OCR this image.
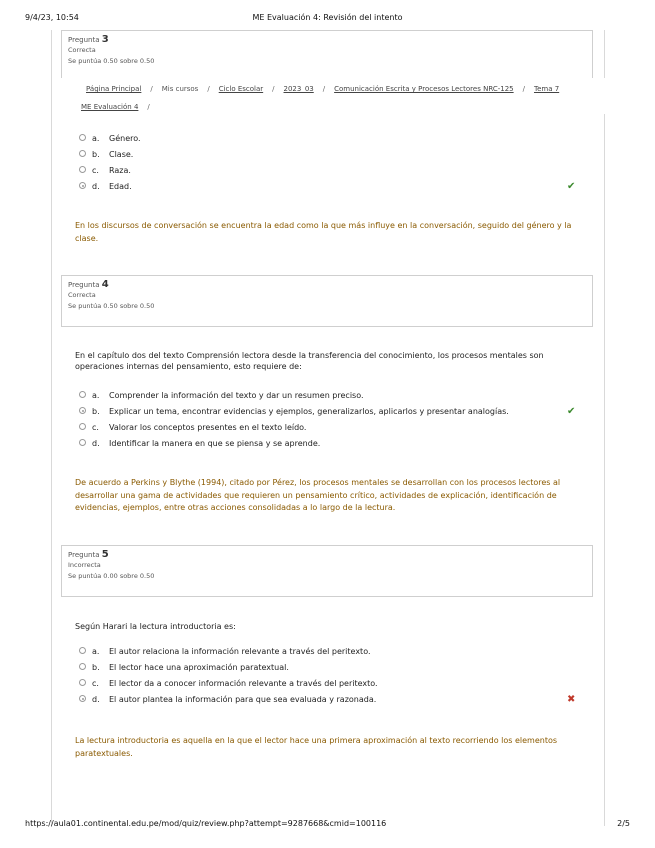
9/4/23, 10:54	ME Evaluación 4: Revisión del intento
Pregunta 3
Correcta
Se puntúa 0.50 sobre 0.50
Página Principal / Mis cursos / Ciclo Escolar / 2023_03 / Comunicación Escrita y Procesos Lectores NRC-125 / Tema 7
ME Evaluación 4 /
a. Género.
b. Clase.
c. Raza.
d. Edad.	✔
En los discursos de conversación se encuentra la edad como la que más influye en la conversación, seguido del género y la clase.
Pregunta 4
Correcta
Se puntúa 0.50 sobre 0.50
En el capítulo dos del texto Comprensión lectora desde la transferencia del conocimiento, los procesos mentales son operaciones internas del pensamiento, esto requiere de:
a. Comprender la información del texto y dar un resumen preciso.
b. Explicar un tema, encontrar evidencias y ejemplos, generalizarlos, aplicarlos y presentar analogías.	✔
c. Valorar los conceptos presentes en el texto leído.
d. Identificar la manera en que se piensa y se aprende.
De acuerdo a Perkins y Blythe (1994), citado por Pérez, los procesos mentales se desarrollan con los procesos lectores al desarrollar una gama de actividades que requieren un pensamiento crítico, actividades de explicación, identificación de evidencias, ejemplos, entre otras acciones consolidadas a lo largo de la lectura.
Pregunta 5
Incorrecta
Se puntúa 0.00 sobre 0.50
Según Harari la lectura introductoria es:
a. El autor relaciona la información relevante a través del peritexto.
b. El lector hace una aproximación paratextual.
c. El lector da a conocer información relevante a través del peritexto.
d. El autor plantea la información para que sea evaluada y razonada.	✖
La lectura introductoria es aquella en la que el lector hace una primera aproximación al texto recorriendo los elementos paratextuales.
https://aula01.continental.edu.pe/mod/quiz/review.php?attempt=9287668&cmid=100116	2/5
